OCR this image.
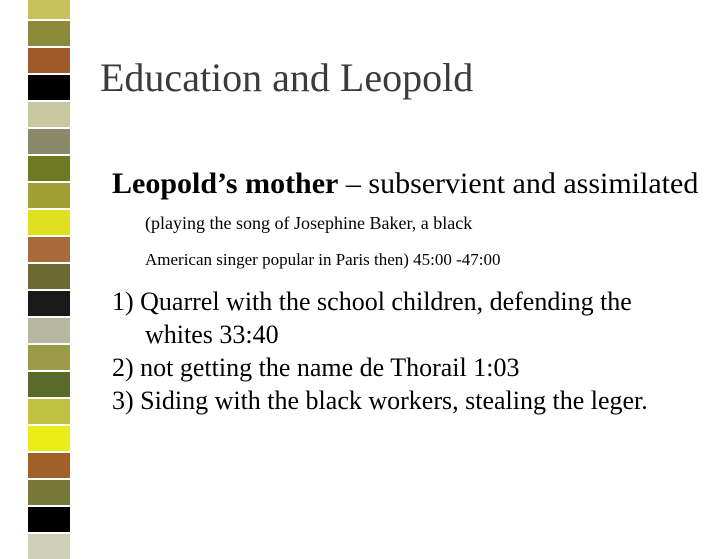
Education and Leopold

Leopold’s mother – subservient and assimilated (playing the song of Josephine Baker, a black
American singer popular in Paris then) 45:00 -47:00

1) Quarrel with the school children, defending the whites 33:40

2) not getting the name de Thorail 1:03

3) Siding with the black workers, stealing the leger.
